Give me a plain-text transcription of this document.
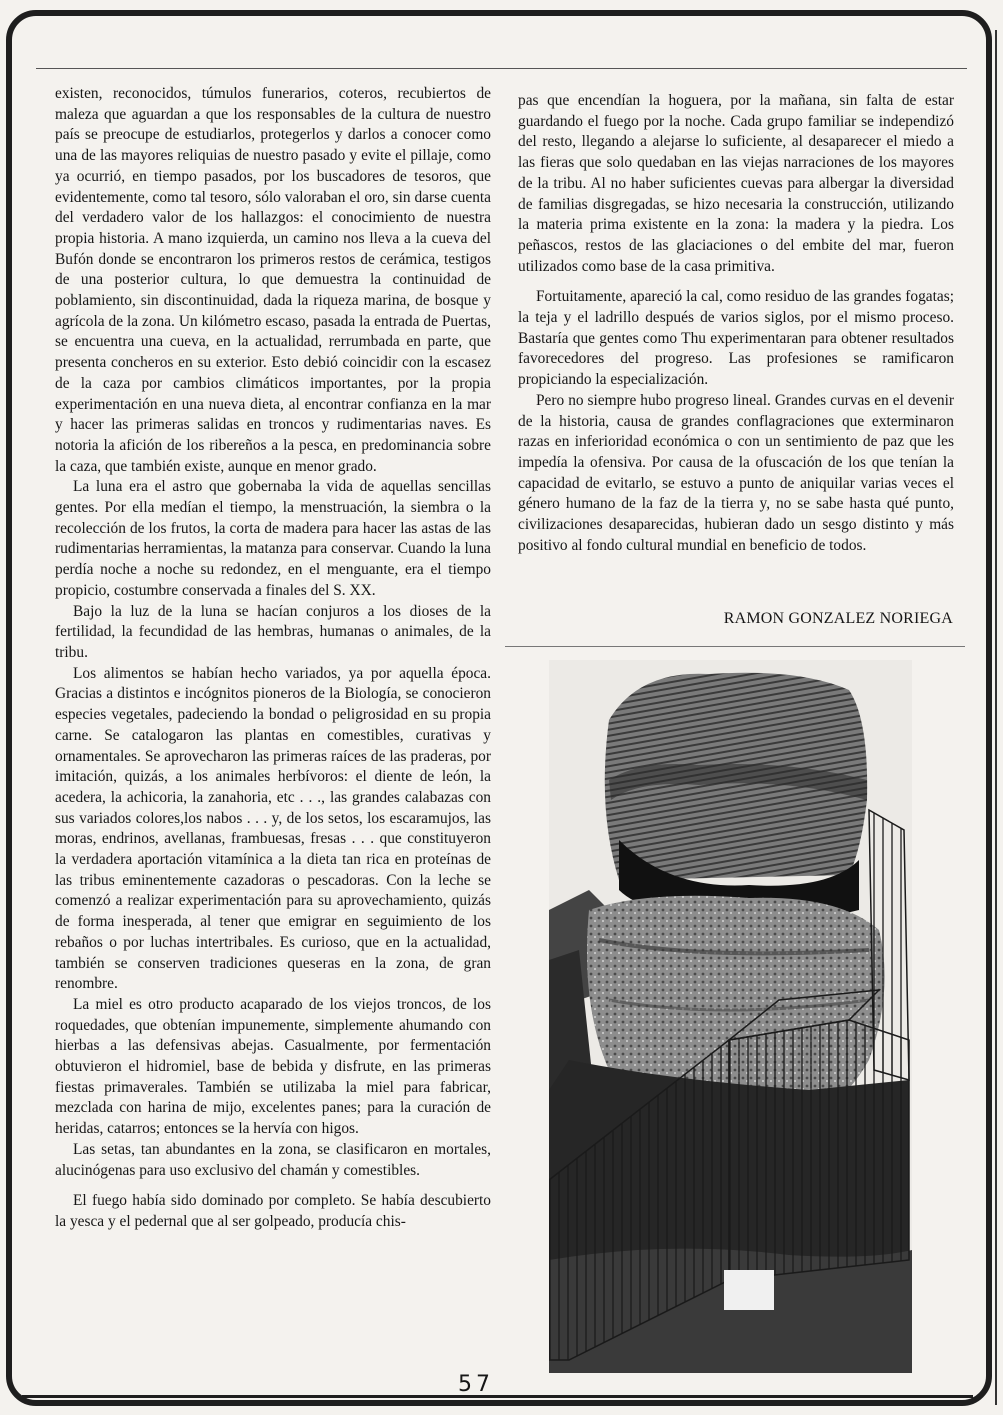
existen, reconocidos, túmulos funerarios, coteros, recubiertos de maleza que aguardan a que los responsables de la cultura de nuestro país se preocupe de estudiarlos, protegerlos y darlos a conocer como una de las mayores reliquias de nuestro pasado y evite el pillaje, como ya ocurrió, en tiempo pasados, por los buscadores de tesoros, que evidentemente, como tal tesoro, sólo valoraban el oro, sin darse cuenta del verdadero valor de los hallazgos: el conocimiento de nuestra propia historia. A mano izquierda, un camino nos lleva a la cueva del Bufón donde se encontraron los primeros restos de cerámica, testigos de una posterior cultura, lo que demuestra la continuidad de poblamiento, sin discontinuidad, dada la riqueza marina, de bosque y agrícola de la zona. Un kilómetro escaso, pasada la entrada de Puertas, se encuentra una cueva, en la actualidad, rerrumbada en parte, que presenta concheros en su exterior. Esto debió coincidir con la escasez de la caza por cambios climáticos importantes, por la propia experimentación en una nueva dieta, al encontrar confianza en la mar y hacer las primeras salidas en troncos y rudimentarias naves. Es notoria la afición de los ribereños a la pesca, en predominancia sobre la caza, que también existe, aunque en menor grado.

La luna era el astro que gobernaba la vida de aquellas sencillas gentes. Por ella medían el tiempo, la menstruación, la siembra o la recolección de los frutos, la corta de madera para hacer las astas de las rudimentarias herramientas, la matanza para conservar. Cuando la luna perdía noche a noche su redondez, en el menguante, era el tiempo propicio, costumbre conservada a finales del S. XX.

Bajo la luz de la luna se hacían conjuros a los dioses de la fertilidad, la fecundidad de las hembras, humanas o animales, de la tribu.

Los alimentos se habían hecho variados, ya por aquella época. Gracias a distintos e incógnitos pioneros de la Biología, se conocieron especies vegetales, padeciendo la bondad o peligrosidad en su propia carne. Se catalogaron las plantas en comestibles, curativas y ornamentales. Se aprovecharon las primeras raíces de las praderas, por imitación, quizás, a los animales herbívoros: el diente de león, la acedera, la achicoria, la zanahoria, etc . . ., las grandes calabazas con sus variados colores,los nabos . . . y, de los setos, los escaramujos, las moras, endrinos, avellanas, frambuesas, fresas . . . que constituyeron la verdadera aportación vitamínica a la dieta tan rica en proteínas de las tribus eminentemente cazadoras o pescadoras. Con la leche se comenzó a realizar experimentación para su aprovechamiento, quizás de forma inesperada, al tener que emigrar en seguimiento de los rebaños o por luchas intertribales. Es curioso, que en la actualidad, también se conserven tradiciones queseras en la zona, de gran renombre.

La miel es otro producto acaparado de los viejos troncos, de los roquedades, que obtenían impunemente, simplemente ahumando con hierbas a las defensivas abejas. Casualmente, por fermentación obtuvieron el hidromiel, base de bebida y disfrute, en las primeras fiestas primaverales. También se utilizaba la miel para fabricar, mezclada con harina de mijo, excelentes panes; para la curación de heridas, catarros; entonces se la hervía con higos.

Las setas, tan abundantes en la zona, se clasificaron en mortales, alucinógenas para uso exclusivo del chamán y comestibles.

El fuego había sido dominado por completo. Se había descubierto la yesca y el pedernal que al ser golpeado, producía chis-

pas que encendían la hoguera, por la mañana, sin falta de estar guardando el fuego por la noche. Cada grupo familiar se independizó del resto, llegando a alejarse lo suficiente, al desaparecer el miedo a las fieras que solo quedaban en las viejas narraciones de los mayores de la tribu. Al no haber suficientes cuevas para albergar la diversidad de familias disgregadas, se hizo necesaria la construcción, utilizando la materia prima existente en la zona: la madera y la piedra. Los peñascos, restos de las glaciaciones o del embite del mar, fueron utilizados como base de la casa primitiva.

Fortuitamente, apareció la cal, como residuo de las grandes fogatas; la teja y el ladrillo después de varios siglos, por el mismo proceso. Bastaría que gentes como Thu experimentaran para obtener resultados favorecedores del progreso. Las profesiones se ramificaron propiciando la especialización.

Pero no siempre hubo progreso lineal. Grandes curvas en el devenir de la historia, causa de grandes conflagraciones que exterminaron razas en inferioridad económica o con un sentimiento de paz que les impedía la ofensiva. Por causa de la ofuscación de los que tenían la capacidad de evitarlo, se estuvo a punto de aniquilar varias veces el género humano de la faz de la tierra y, no se sabe hasta qué punto, civilizaciones desaparecidas, hubieran dado un sesgo distinto y más positivo al fondo cultural mundial en beneficio de todos.

RAMON GONZALEZ NORIEGA
57
